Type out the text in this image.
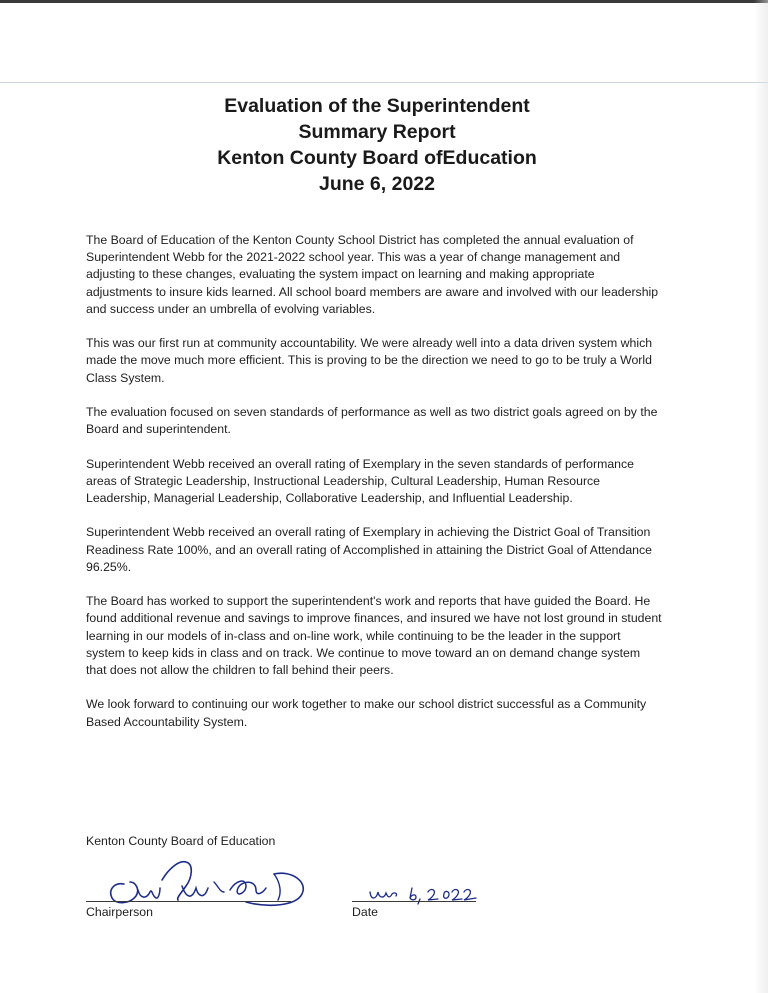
Evaluation of the Superintendent
Summary Report
Kenton County Board ofEducation
June 6, 2022

The Board of Education of the Kenton County School District has completed the annual evaluation of Superintendent Webb for the 2021-2022 school year. This was a year of change management and adjusting to these changes, evaluating the system impact on learning and making appropriate adjustments to insure kids learned. All school board members are aware and involved with our leadership and success under an umbrella of evolving variables.

This was our first run at community accountability. We were already well into a data driven system which made the move much more efficient. This is proving to be the direction we need to go to be truly a World Class System.

The evaluation focused on seven standards of performance as well as two district goals agreed on by the Board and superintendent.

Superintendent Webb received an overall rating of Exemplary in the seven standards of performance areas of Strategic Leadership, Instructional Leadership, Cultural Leadership, Human Resource Leadership, Managerial Leadership, Collaborative Leadership, and Influential Leadership.

Superintendent Webb received an overall rating of Exemplary in achieving the District Goal of Transition Readiness Rate 100%, and an overall rating of Accomplished in attaining the District Goal of Attendance 96.25%.

The Board has worked to support the superintendent's work and reports that have guided the Board. He found additional revenue and savings to improve finances, and insured we have not lost ground in student learning in our models of in-class and on-line work, while continuing to be the leader in the support system to keep kids in class and on track. We continue to move toward an on demand change system that does not allow the children to fall behind their peers.

We look forward to continuing our work together to make our school district successful as a Community Based Accountability System.

Kenton County Board of Education
Chairperson	Date
